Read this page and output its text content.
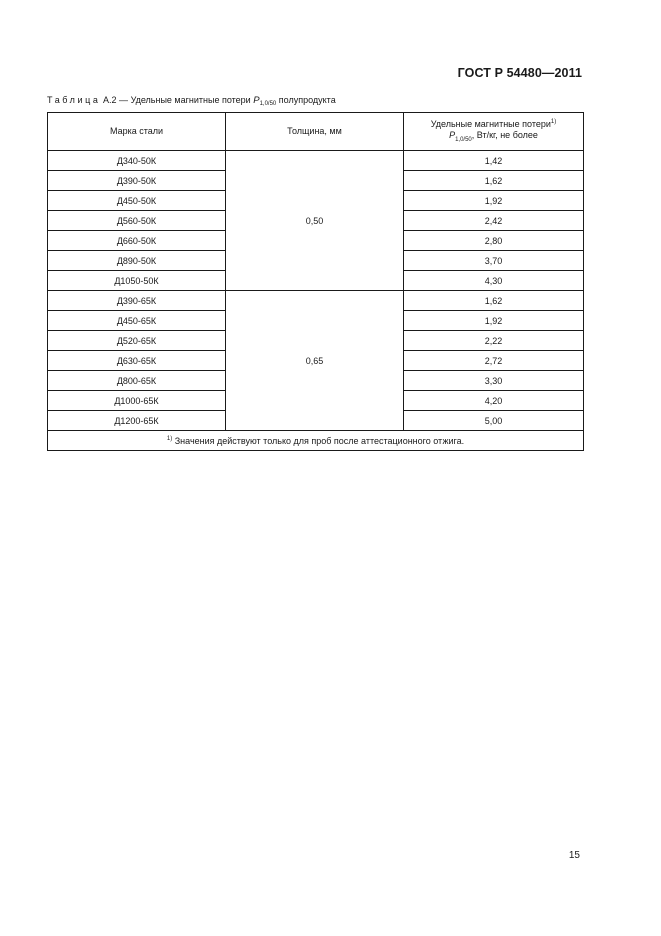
ГОСТ Р 54480—2011
Таблица А.2 — Удельные магнитные потери $P_{1,0/50}$ полупродукта
Марка стали	Толщина, мм	Удельные магнитные потери$^{1)}$
$P_{1,0/50}$, Вт/кг, не более
Д340-50К	0,50	1,42
Д390-50К		1,62
Д450-50К		1,92
Д560-50К		2,42
Д660-50К		2,80
Д890-50К		3,70
Д1050-50К		4,30
Д390-65К	0,65	1,62
Д450-65К		1,92
Д520-65К		2,22
Д630-65К		2,72
Д800-65К		3,30
Д1000-65К		4,20
Д1200-65К		5,00
$^{1)}$ Значения действуют только для проб после аттестационного отжига.		
15
